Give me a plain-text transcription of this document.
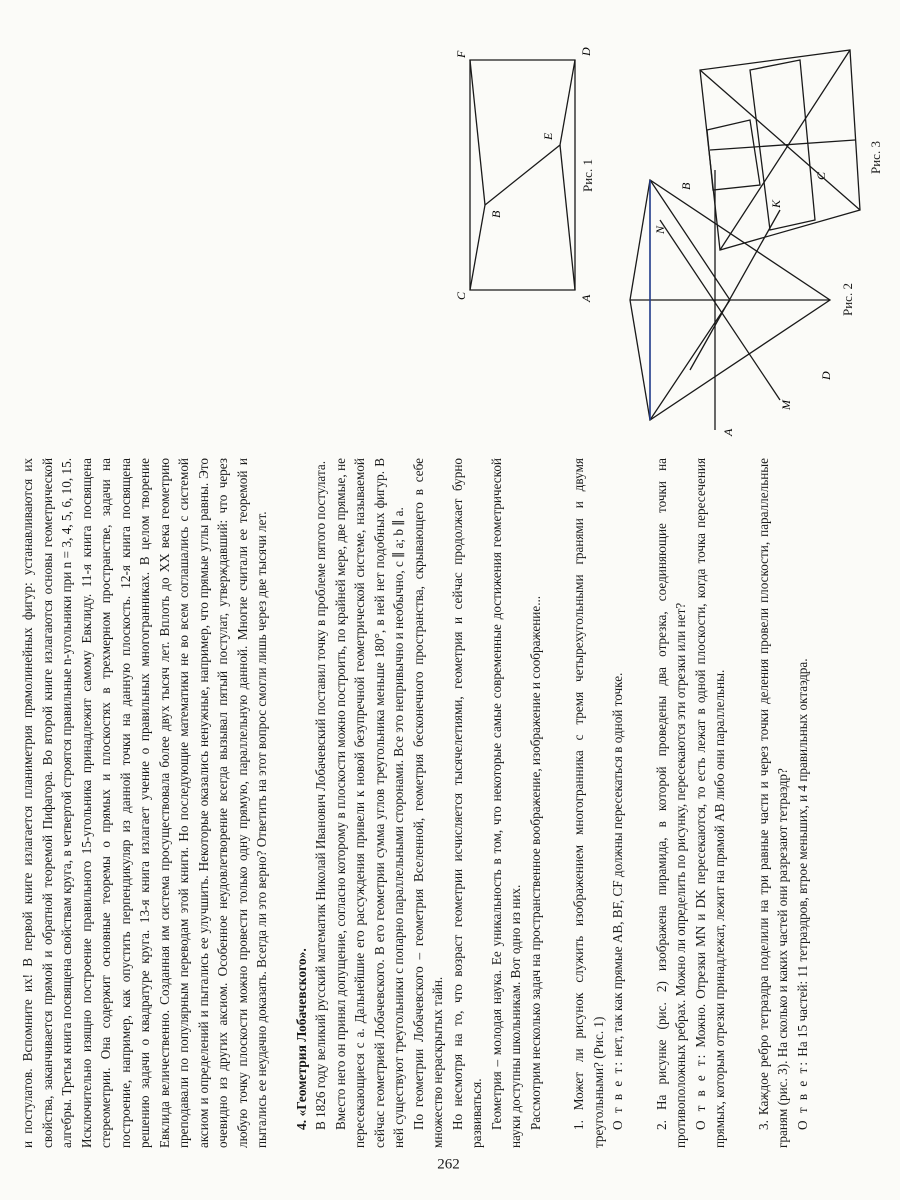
и постулатов. Вспомните их! В первой книге излагается планиметрия прямолинейных фигур: устанавливаются их свойства, заканчивается прямой и обратной теоремой Пифагора. Во второй книге излагаются основы геометрической алгебры. Третья книга посвящена свойствам круга, в четвертой строятся правильные n-угольники при n = 3, 4, 5, 6, 10, 15. Исключительно изящно построение правильного 15-угольника принадлежит самому Евклиду. 11-я книга посвящена стереометрии. Она содержит основные теоремы о прямых и плоскостях в трехмерном пространстве, задачи на построение, например, как опустить перпендикуляр из данной точки на данную плоскость. 12-я книга посвящена решению задачи о квадратуре круга. 13-я книга излагает учение о правильных многогранниках. В целом творение Евклида величественно. Созданная им система просуществовала более двух тысяч лет. Вплоть до XX века геометрию преподавали по популярным переводам этой книги. Но последующие математики не во всем соглашались с системой аксиом и определений и пытались ее улучшить. Некоторые оказались ненужные, например, что прямые углы равны. Это очевидно из других аксиом. Особенное неудовлетворение всегда вызывал пятый постулат, утверждавший: что через любую точку плоскости можно провести только одну прямую, параллельную данной. Многие считали ее теоремой и пытались ее неудачно доказать. Всегда ли это верно? Ответить на этот вопрос смогли лишь через две тысячи лет. 4. «Геометрия Лобачевского». В 1826 году великий русский математик Николай Иванович Лобачевский поставил точку в проблеме пятого постулата. Вместо него он принял допущение, согласно которому в плоскости можно построить, по крайней мере, две прямые, не пересекающиеся с a. Дальнейшие его рассуждения привели к новой безупречной геометрической системе, называемой сейчас геометрией Лобачевского. В его геометрии сумма углов треугольника меньше 180°, в ней нет подобных фигур. В ней существуют треугольники с попарно параллельными сторонами. Все это непривычно и необычно, c ∥ a; b ∥ a. По геометрии Лобачевского – геометрия Вселенной, геометрия бесконечного пространства, скрывающего в себе множество нераскрытых тайн. Но несмотря на то, что возраст геометрии исчисляется тысячелетиями, геометрия и сейчас продолжает бурно развиваться. Геометрия – молодая наука. Ее уникальность в том, что некоторые самые современные достижения геометрической науки доступны школьникам. Вот одно из них. Рассмотрим несколько задач на пространственное воображение, изображение и соображение... 1. Может ли рисунок служить изображением многогранника с тремя четырехугольными гранями и двумя треугольными? (Рис. 1) О т в е т: нет, так как прямые AB, BF, CF должны пересекаться в одной точке. 2. На рисунке (рис. 2) изображена пирамида, в которой проведены два отрезка, соединяющие точки на противоположных ребрах. Можно ли определить по рисунку, пересекаются эти отрезки или нет? О т в е т: Можно. Отрезки MN и DK пересекаются, то есть лежат в одной плоскости, когда точка пересечения прямых, которым отрезки принадлежат, лежит на прямой AB либо они параллельны. 3. Каждое ребро тетраэдра поделили на три равные части и через точки деления провели плоскости, параллельные граням (рис. 3). На сколько и каких частей они разрезают тетраэдр? О т в е т: На 15 частей: 11 тетраэдров, втрое меньших, и 4 правильных октаэдра.

C
F	D
E
B
A
Рис. 1
N
B
K
C
D
M
A
Рис. 2
Рис. 3
262
